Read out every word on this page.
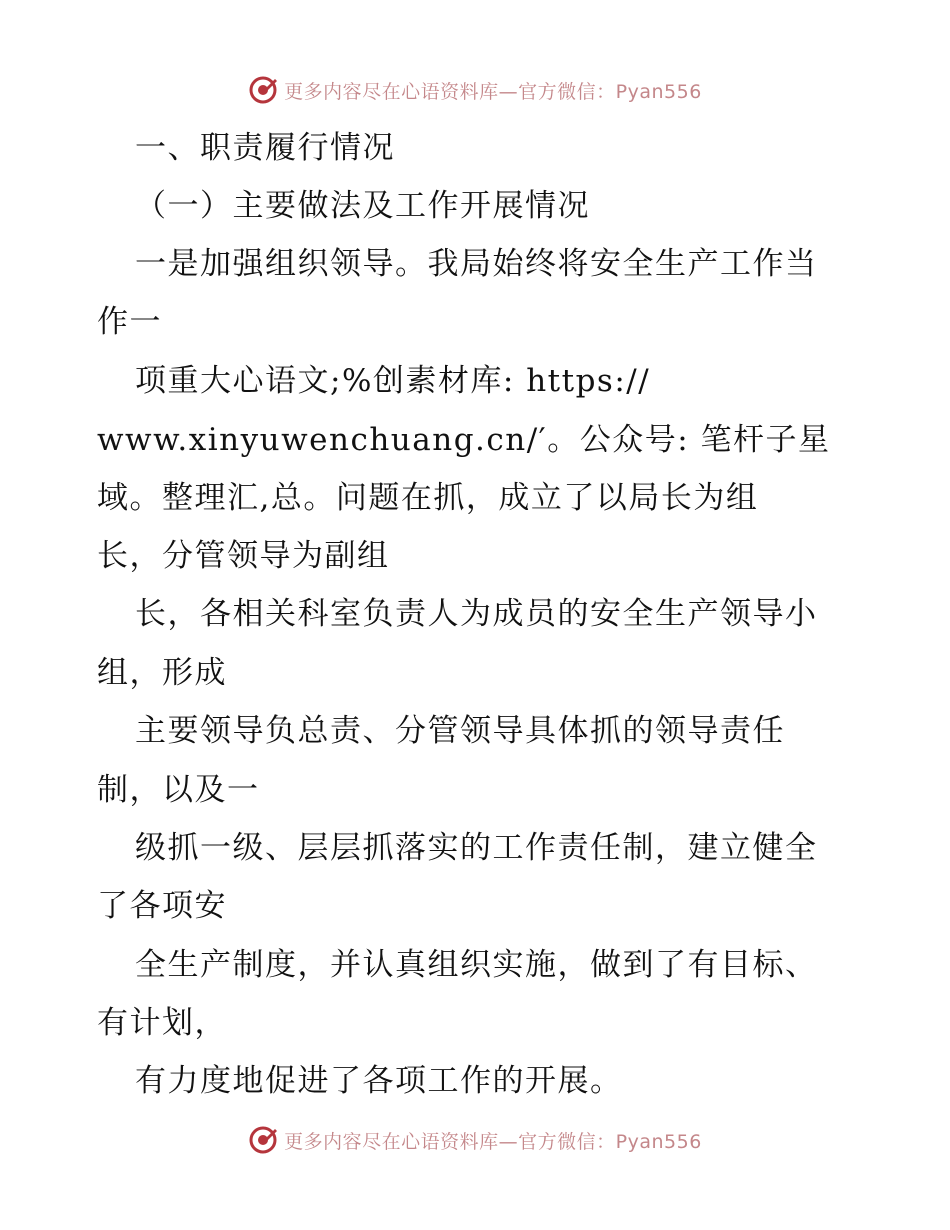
更多内容尽在心语资料库—官方微信：Pyan556
一、职责履行情况
（一）主要做法及工作开展情况
一是加强组织领导。我局始终将安全生产工作当
作一
项重大心语文;%创素材库: https://
www.xinyuwenchuang.cn/′。公众号: 笔杆子星
域。整理汇,总。问题在抓，成立了以局长为组
长，分管领导为副组
长，各相关科室负责人为成员的安全生产领导小
组，形成
主要领导负总责、分管领导具体抓的领导责任
制，以及一
级抓一级、层层抓落实的工作责任制，建立健全
了各项安
全生产制度，并认真组织实施，做到了有目标、
有计划，
有力度地促进了各项工作的开展。
更多内容尽在心语资料库—官方微信：Pyan556
